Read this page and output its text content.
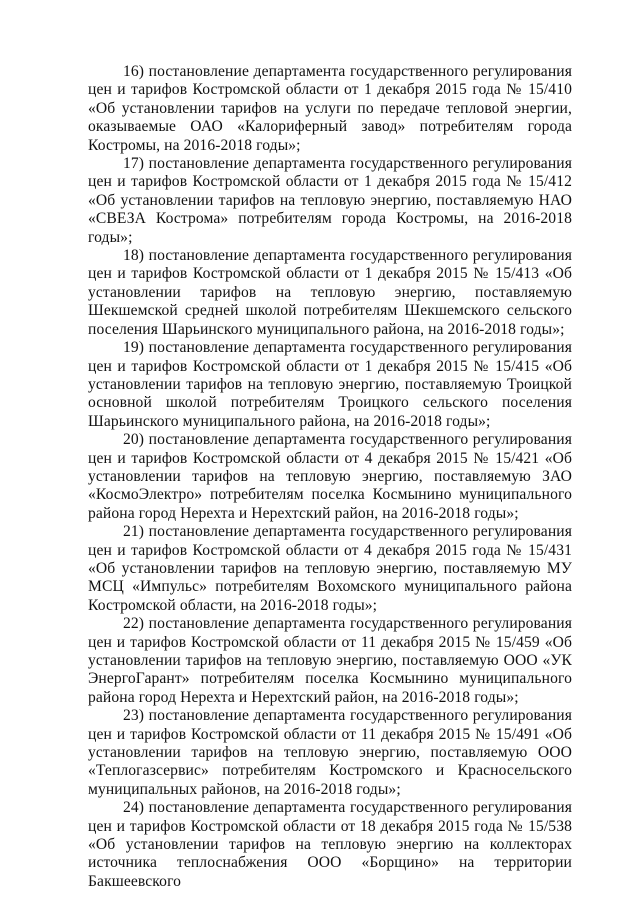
16) постановление департамента государственного регулирования цен и тарифов Костромской области от 1 декабря 2015 года № 15/410 «Об установлении тарифов на услуги по передаче тепловой энергии, оказываемые ОАО «Калориферный завод» потребителям города Костромы, на 2016-2018 годы»;

17) постановление департамента государственного регулирования цен и тарифов Костромской области от 1 декабря 2015 года № 15/412 «Об установлении тарифов на тепловую энергию, поставляемую НАО «СВЕЗА Кострома» потребителям города Костромы, на 2016-2018 годы»;

18) постановление департамента государственного регулирования цен и тарифов Костромской области от 1 декабря 2015 № 15/413 «Об установлении тарифов на тепловую энергию, поставляемую Шекшемской средней школой потребителям Шекшемского сельского поселения Шарьинского муниципального района, на 2016-2018 годы»;

19) постановление департамента государственного регулирования цен и тарифов Костромской области от 1 декабря 2015 № 15/415 «Об установлении тарифов на тепловую энергию, поставляемую Троицкой основной школой потребителям Троицкого сельского поселения Шарьинского муниципального района, на 2016-2018 годы»;

20) постановление департамента государственного регулирования цен и тарифов Костромской области от 4 декабря 2015 № 15/421 «Об установлении тарифов на тепловую энергию, поставляемую ЗАО «КосмоЭлектро» потребителям поселка Космынино муниципального района город Нерехта и Нерехтский район, на 2016-2018 годы»;

21) постановление департамента государственного регулирования цен и тарифов Костромской области от 4 декабря 2015 года № 15/431 «Об установлении тарифов на тепловую энергию, поставляемую МУ МСЦ «Импульс» потребителям Вохомского муниципального района Костромской области, на 2016-2018 годы»;

22) постановление департамента государственного регулирования цен и тарифов Костромской области от 11 декабря 2015 № 15/459 «Об установлении тарифов на тепловую энергию, поставляемую ООО «УК ЭнергоГарант» потребителям поселка Космынино муниципального района город Нерехта и Нерехтский район, на 2016-2018 годы»;

23) постановление департамента государственного регулирования цен и тарифов Костромской области от 11 декабря 2015 № 15/491 «Об установлении тарифов на тепловую энергию, поставляемую ООО «Теплогазсервис» потребителям Костромского и Красносельского муниципальных районов, на 2016-2018 годы»;

24) постановление департамента государственного регулирования цен и тарифов Костромской области от 18 декабря 2015 года № 15/538 «Об установлении тарифов на тепловую энергию на коллекторах источника теплоснабжения ООО «Борщино» на территории Бакшеевского
